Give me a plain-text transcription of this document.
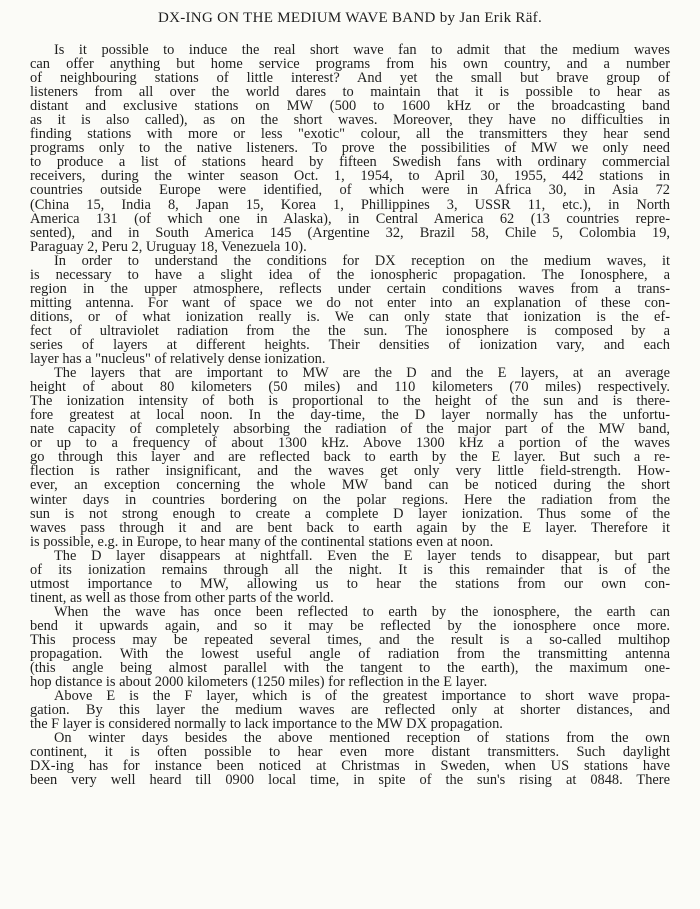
DX-ING ON THE MEDIUM WAVE BAND by Jan Erik Räf.
Is it possible to induce the real short wave fan to admit that the medium waves
can offer anything but home service programs from his own country, and a number
of neighbouring stations of little interest? And yet the small but brave group of
listeners from all over the world dares to maintain that it is possible to hear as
distant and exclusive stations on MW (500 to 1600 kHz or the broadcasting band
as it is also called), as on the short waves. Moreover, they have no difficulties in
finding stations with more or less "exotic" colour, all the transmitters they hear send
programs only to the native listeners. To prove the possibilities of MW we only need
to produce a list of stations heard by fifteen Swedish fans with ordinary commercial
receivers, during the winter season Oct. 1, 1954, to April 30, 1955, 442 stations in
countries outside Europe were identified, of which were in Africa 30, in Asia 72
(China 15, India 8, Japan 15, Korea 1, Phillippines 3, USSR 11, etc.), in North
America 131 (of which one in Alaska), in Central America 62 (13 countries repre-
sented), and in South America 145 (Argentine 32, Brazil 58, Chile 5, Colombia 19,
Paraguay 2, Peru 2, Uruguay 18, Venezuela 10).
In order to understand the conditions for DX reception on the medium waves, it
is necessary to have a slight idea of the ionospheric propagation. The Ionosphere, a
region in the upper atmosphere, reflects under certain conditions waves from a trans-
mitting antenna. For want of space we do not enter into an explanation of these con-
ditions, or of what ionization really is. We can only state that ionization is the ef-
fect of ultraviolet radiation from the the sun. The ionosphere is composed by a
series of layers at different heights. Their densities of ionization vary, and each
layer has a "nucleus" of relatively dense ionization.
The layers that are important to MW are the D and the E layers, at an average
height of about 80 kilometers (50 miles) and 110 kilometers (70 miles) respectively.
The ionization intensity of both is proportional to the height of the sun and is there-
fore greatest at local noon. In the day-time, the D layer normally has the unfortu-
nate capacity of completely absorbing the radiation of the major part of the MW band,
or up to a frequency of about 1300 kHz. Above 1300 kHz a portion of the waves
go through this layer and are reflected back to earth by the E layer. But such a re-
flection is rather insignificant, and the waves get only very little field-strength. How-
ever, an exception concerning the whole MW band can be noticed during the short
winter days in countries bordering on the polar regions. Here the radiation from the
sun is not strong enough to create a complete D layer ionization. Thus some of the
waves pass through it and are bent back to earth again by the E layer. Therefore it
is possible, e.g. in Europe, to hear many of the continental stations even at noon.
The D layer disappears at nightfall. Even the E layer tends to disappear, but part
of its ionization remains through all the night. It is this remainder that is of the
utmost importance to MW, allowing us to hear the stations from our own con-
tinent, as well as those from other parts of the world.
When the wave has once been reflected to earth by the ionosphere, the earth can
bend it upwards again, and so it may be reflected by the ionosphere once more.
This process may be repeated several times, and the result is a so-called multihop
propagation. With the lowest useful angle of radiation from the transmitting antenna
(this angle being almost parallel with the tangent to the earth), the maximum one-
hop distance is about 2000 kilometers (1250 miles) for reflection in the E layer.
Above E is the F layer, which is of the greatest importance to short wave propa-
gation. By this layer the medium waves are reflected only at shorter distances, and
the F layer is considered normally to lack importance to the MW DX propagation.
On winter days besides the above mentioned reception of stations from the own
continent, it is often possible to hear even more distant transmitters. Such daylight
DX-ing has for instance been noticed at Christmas in Sweden, when US stations have
been very well heard till 0900 local time, in spite of the sun's rising at 0848. There
